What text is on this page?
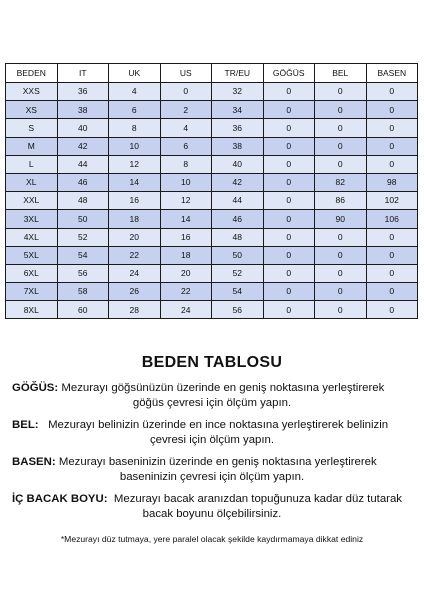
BEDEN	IT	UK	US	TR/EU	GÖĞÜS	BEL	BASEN
XXS	36	4	0	32	0	0	0
XS	38	6	2	34	0	0	0
S	40	8	4	36	0	0	0
M	42	10	6	38	0	0	0
L	44	12	8	40	0	0	0
XL	46	14	10	42	0	82	98
XXL	48	16	12	44	0	86	102
3XL	50	18	14	46	0	90	106
4XL	52	20	16	48	0	0	0
5XL	54	22	18	50	0	0	0
6XL	56	24	20	52	0	0	0
7XL	58	26	22	54	0	0	0
8XL	60	28	24	56	0	0	0
BEDEN TABLOSU
GÖĞÜS: Mezurayı göğsünüzün üzerinde en geniş noktasına yerleştirerek
göğüs çevresi için ölçüm yapın.
BEL: Mezurayı belinizin üzerinde en ince noktasına yerleştirerek belinizin
çevresi için ölçüm yapın.
BASEN: Mezurayı baseninizin üzerinde en geniş noktasına yerleştirerek
baseninizin çevresi için ölçüm yapın.
İÇ BACAK BOYU: Mezurayı bacak aranızdan topuğunuza kadar düz tutarak
bacak boyunu ölçebilirsiniz.
*Mezurayı düz tutmaya, yere paralel olacak şekilde kaydırmamaya dikkat ediniz
